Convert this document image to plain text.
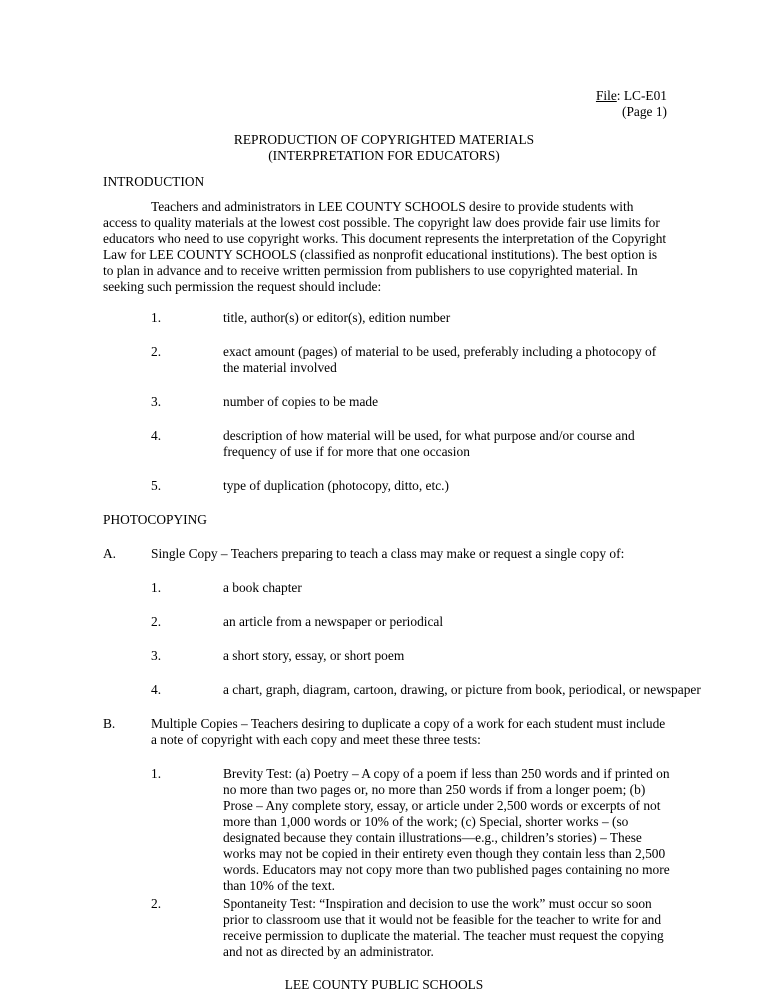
File: LC-E01
(Page 1)
REPRODUCTION OF COPYRIGHTED MATERIALS
(INTERPRETATION FOR EDUCATORS)
INTRODUCTION
Teachers and administrators in LEE COUNTY SCHOOLS desire to provide students with access to quality materials at the lowest cost possible. The copyright law does provide fair use limits for educators who need to use copyright works. This document represents the interpretation of the Copyright Law for LEE COUNTY SCHOOLS (classified as nonprofit educational institutions). The best option is to plan in advance and to receive written permission from publishers to use copyrighted material. In seeking such permission the request should include:
1.	title, author(s) or editor(s), edition number
2.	exact amount (pages) of material to be used, preferably including a photocopy of the material involved
3.	number of copies to be made
4.	description of how material will be used, for what purpose and/or course and frequency of use if for more that one occasion
5.	type of duplication (photocopy, ditto, etc.)
PHOTOCOPYING
A.	Single Copy – Teachers preparing to teach a class may make or request a single copy of:
1.	a book chapter
2.	an article from a newspaper or periodical
3.	a short story, essay, or short poem
4.	a chart, graph, diagram, cartoon, drawing, or picture from book, periodical, or newspaper
B.	Multiple Copies – Teachers desiring to duplicate a copy of a work for each student must include a note of copyright with each copy and meet these three tests:
1.	Brevity Test: (a) Poetry – A copy of a poem if less than 250 words and if printed on no more than two pages or, no more than 250 words if from a longer poem; (b) Prose – Any complete story, essay, or article under 2,500 words or excerpts of not more than 1,000 words or 10% of the work; (c) Special, shorter works – (so designated because they contain illustrations—e.g., children’s stories) – These works may not be copied in their entirety even though they contain less than 2,500 words. Educators may not copy more than two published pages containing no more than 10% of the text.
2.	Spontaneity Test: “Inspiration and decision to use the work” must occur so soon prior to classroom use that it would not be feasible for the teacher to write for and receive permission to duplicate the material. The teacher must request the copying and not as directed by an administrator.
LEE COUNTY PUBLIC SCHOOLS
